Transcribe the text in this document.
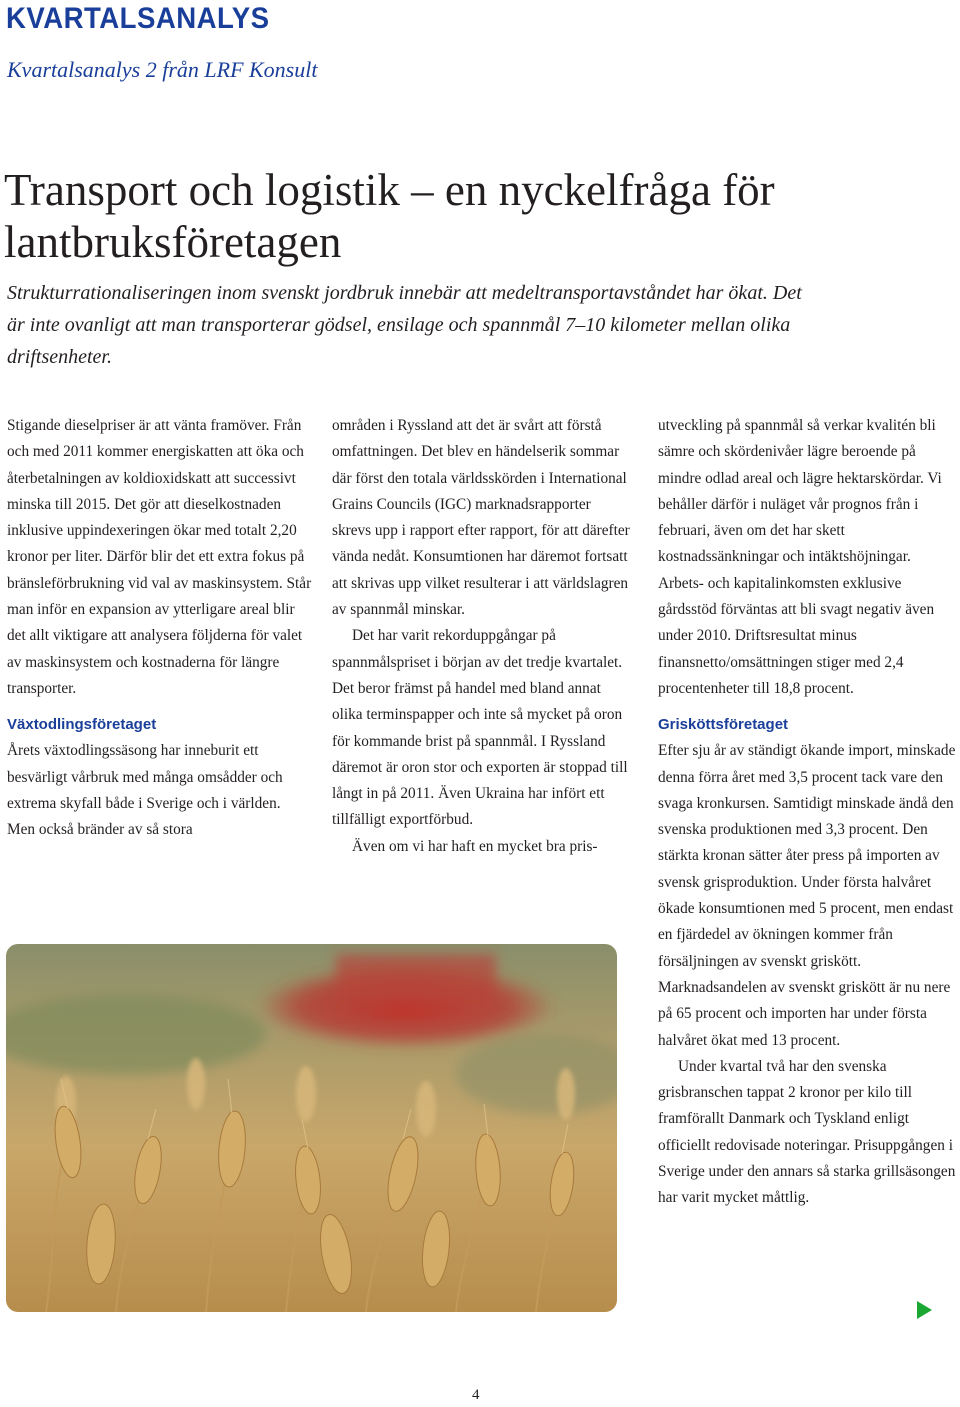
KVARTALSANALYS
Kvartalsanalys 2 från LRF Konsult
Transport och logistik – en nyckelfråga för lantbruksföretagen
Strukturrationaliseringen inom svenskt jordbruk innebär att medeltransportavståndet har ökat. Det är inte ovanligt att man transporterar gödsel, ensilage och spannmål 7–10 kilometer mellan olika driftsenheter.

Stigande dieselpriser är att vänta framöver. Från och med 2011 kommer energiskatten att öka och återbetalningen av koldioxidskatt att successivt minska till 2015. Det gör att dieselkostnaden inklusive uppindexeringen ökar med totalt 2,20 kronor per liter. Därför blir det ett extra fokus på bränsleförbrukning vid val av maskinsystem. Står man inför en expansion av ytterligare areal blir det allt viktigare att analysera följderna för valet av maskinsystem och kostnaderna för längre transporter.

Växtodlingsföretaget

Årets växtodlingssäsong har inneburit ett besvärligt vårbruk med många omsådder och extrema skyfall både i Sverige och i världen. Men också bränder av så stora

områden i Ryssland att det är svårt att förstå omfattningen. Det blev en händelserik sommar där först den totala världsskörden i International Grains Councils (IGC) marknadsrapporter skrevs upp i rapport efter rapport, för att därefter vända nedåt. Konsumtionen har däremot fortsatt att skrivas upp vilket resulterar i att världslagren av spannmål minskar.

Det har varit rekorduppgångar på spannmålspriset i början av det tredje kvartalet. Det beror främst på handel med bland annat olika terminspapper och inte så mycket på oron för kommande brist på spannmål. I Ryssland däremot är oron stor och exporten är stoppad till långt in på 2011. Även Ukraina har infört ett tillfälligt exportförbud.

Även om vi har haft en mycket bra pris-

utveckling på spannmål så verkar kvalitén bli sämre och skördenivåer lägre beroende på mindre odlad areal och lägre hektarskördar. Vi behåller därför i nuläget vår prognos från i februari, även om det har skett kostnadssänkningar och intäktshöjningar. Arbets- och kapitalinkomsten exklusive gårdsstöd förväntas att bli svagt negativ även under 2010. Driftsresultat minus finansnetto/omsättningen stiger med 2,4 procentenheter till 18,8 procent.

Grisköttsföretaget

Efter sju år av ständigt ökande import, minskade denna förra året med 3,5 procent tack vare den svaga kronkursen. Samtidigt minskade ändå den svenska produktionen med 3,3 procent. Den stärkta kronan sätter åter press på importen av svensk grisproduktion. Under första halvåret ökade konsumtionen med 5 procent, men endast en fjärdedel av ökningen kommer från försäljningen av svenskt griskött. Marknadsandelen av svenskt griskött är nu nere på 65 procent och importen har under första halvåret ökat med 13 procent.

Under kvartal två har den svenska grisbranschen tappat 2 kronor per kilo till framförallt Danmark och Tyskland enligt officiellt redovisade noteringar. Prisuppgången i Sverige under den annars så starka grillsäsongen har varit mycket måttlig.

4
